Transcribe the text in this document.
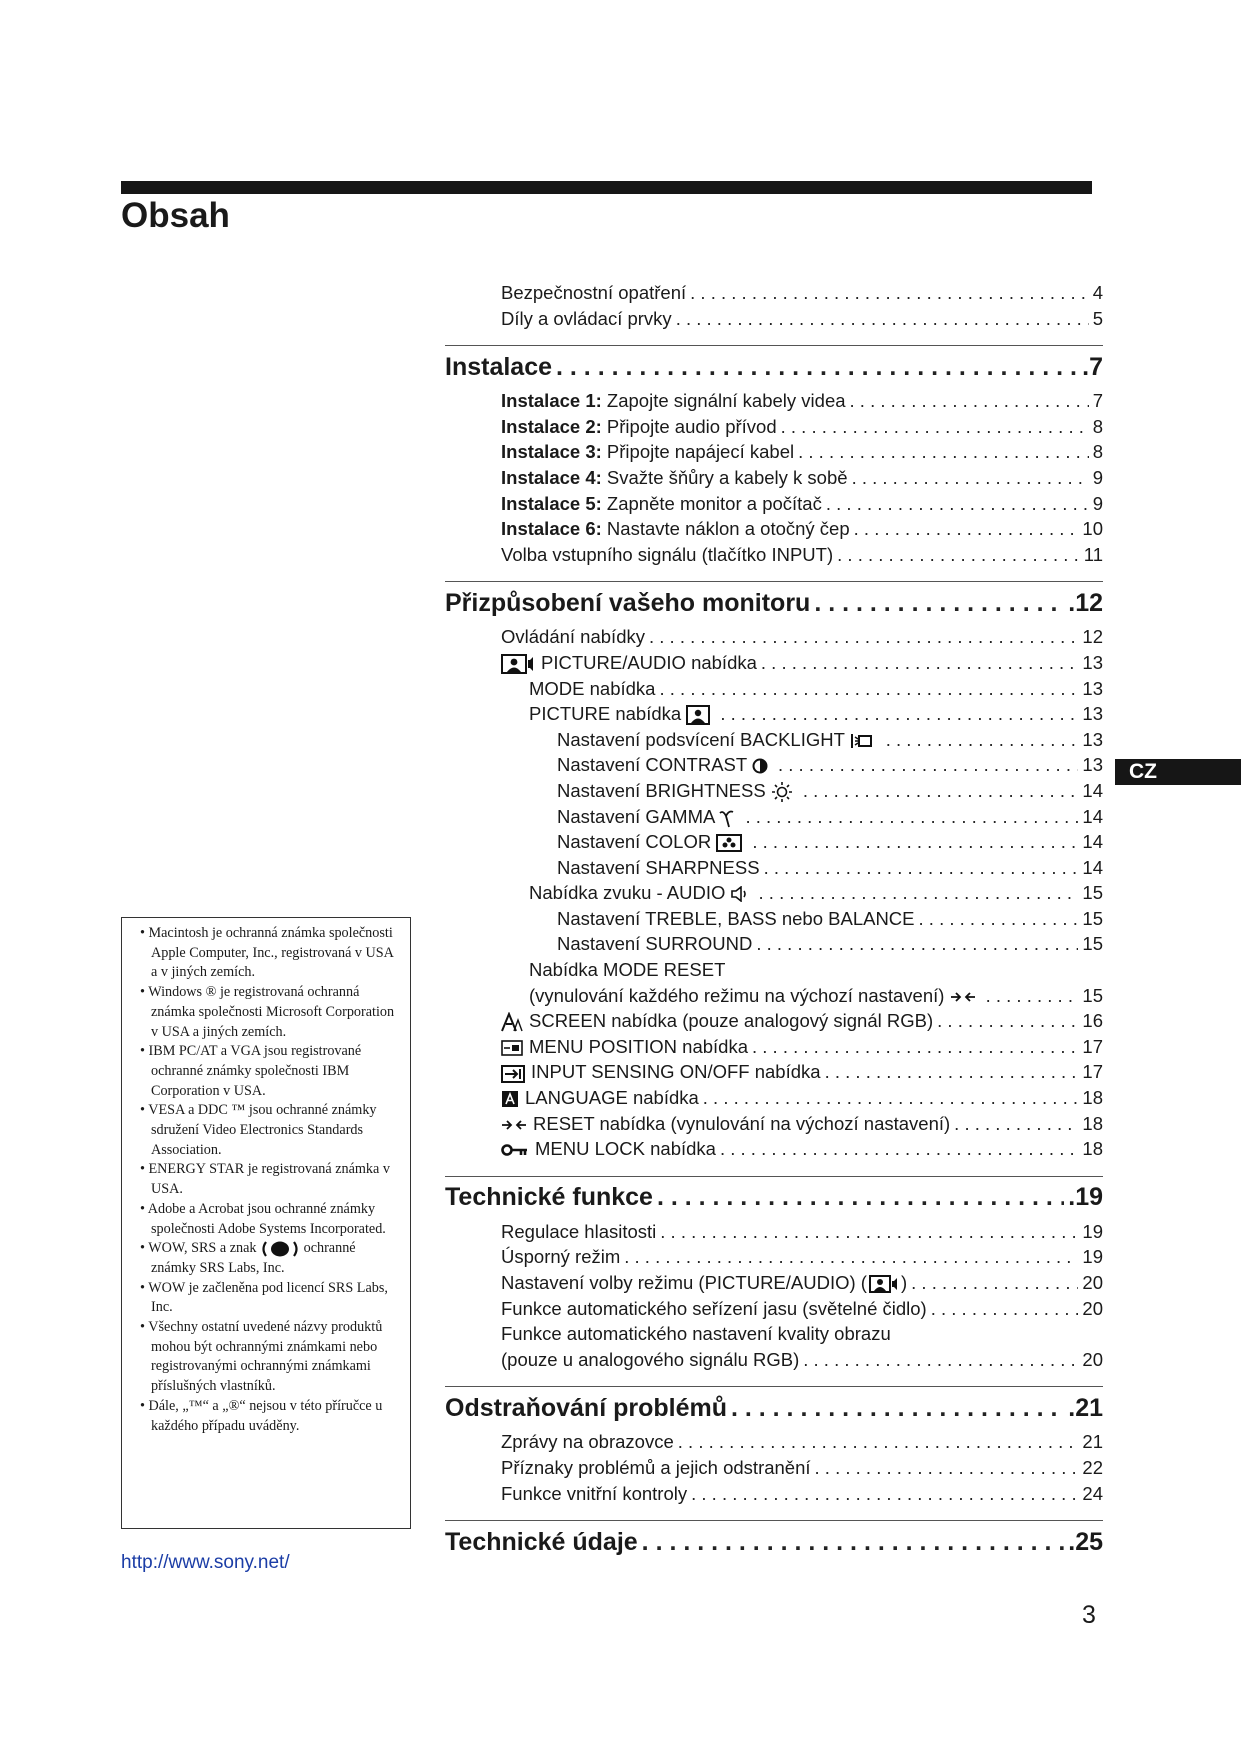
Obsah
CZ
Bezpečnostní opatření . . .	4
Díly a ovládací prvky . . .	5
Instalace . . .	.7
Instalace 1: Zapojte signální kabely videa . . .	7
Instalace 2: Připojte audio přívod . . .	8
Instalace 3: Připojte napájecí kabel . . .	8
Instalace 4: Svažte šňůry a kabely k sobě . . .	9
Instalace 5: Zapněte monitor a počítač . . .	9
Instalace 6: Nastavte náklon a otočný čep . . .	10
Volba vstupního signálu (tlačítko INPUT) . . .	11
Přizpůsobení vašeho monitoru . . .	.12
Ovládání nabídky . . .	12
PICTURE/AUDIO nabídka . . .	13
MODE nabídka . . .	13
PICTURE nabídka . . .	13
Nastavení podsvícení BACKLIGHT . . .	13
Nastavení CONTRAST . . .	13
Nastavení BRIGHTNESS . . .	14
Nastavení GAMMA . . .	14
Nastavení COLOR . . .	14
Nastavení SHARPNESS . . .	14
Nabídka zvuku - AUDIO . . .	15
Nastavení TREBLE, BASS nebo BALANCE . . .	15
Nastavení SURROUND . . .	15
Nabídka MODE RESET
(vynulování každého režimu na výchozí nastavení) . . .	15
SCREEN nabídka (pouze analogový signál RGB) . . .	16
MENU POSITION nabídka . . .	17
INPUT SENSING ON/OFF nabídka . . .	17
LANGUAGE nabídka . . .	18
RESET nabídka (vynulování na výchozí nastavení) . . .	18
MENU LOCK nabídka . . .	18
Technické funkce . . .	.19
Regulace hlasitosti . . .	19
Úsporný režim . . .	19
Nastavení volby režimu (PICTURE/AUDIO) ( ) . . .	20
Funkce automatického seřízení jasu (světelné čidlo) . . .	20
Funkce automatického nastavení kvality obrazu
(pouze u analogového signálu RGB) . . .	20
Odstraňování problémů . . .	.21
Zprávy na obrazovce . . .	21
Příznaky problémů a jejich odstranění . . .	22
Funkce vnitřní kontroly . . .	24
Technické údaje . . .	.25
• Macintosh je ochranná známka společnosti Apple Computer, Inc., registrovaná v USA a v jiných zemích.
• Windows ® je registrovaná ochranná známka společnosti Microsoft Corporation v USA a jiných zemích.
• IBM PC/AT a VGA jsou registrované ochranné známky společnosti IBM Corporation v USA.
• VESA a DDC ™ jsou ochranné známky sdružení Video Electronics Standards Association.
• ENERGY STAR je registrovaná známka v USA.
• Adobe a Acrobat jsou ochranné známky společnosti Adobe Systems Incorporated.
• WOW, SRS a znak	ochranné známky SRS Labs, Inc.
• WOW je začleněna pod licencí SRS Labs, Inc.
• Všechny ostatní uvedené názvy produktů mohou být ochrannými známkami nebo registrovanými ochrannými známkami příslušných vlastníků.
• Dále, „™“ a „®“ nejsou v této příručce u každého případu uváděny.
http://www.sony.net/
3
